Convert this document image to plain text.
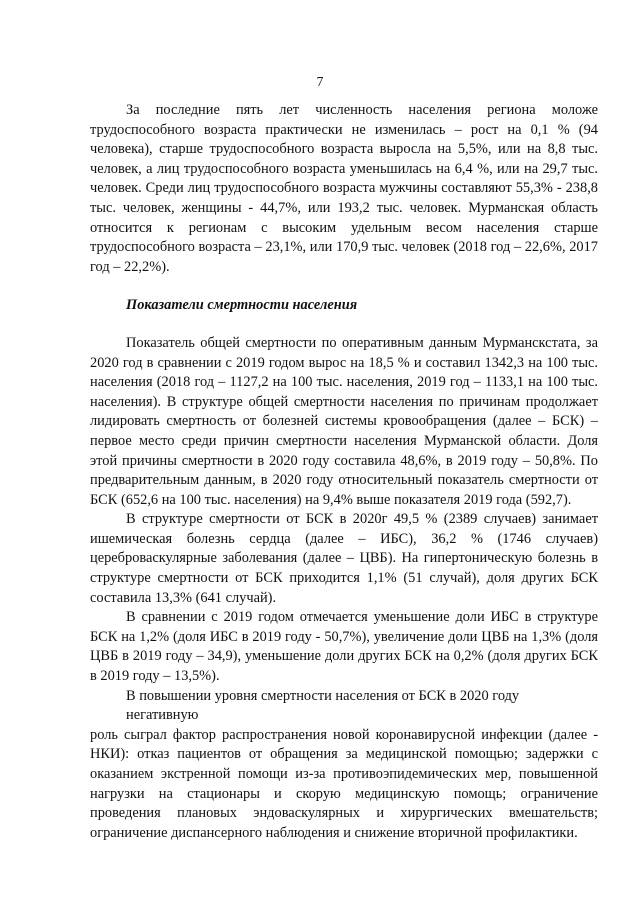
7

За последние пять лет численность населения региона моложе трудоспособного возраста практически не изменилась – рост на 0,1 % (94 человека), старше трудоспособного возраста выросла на 5,5%, или на 8,8 тыс. человек, а лиц трудоспособного возраста уменьшилась на 6,4 %, или на 29,7 тыс. человек. Среди лиц трудоспособного возраста мужчины составляют 55,3% - 238,8 тыс. человек, женщины - 44,7%, или 193,2 тыс. человек. Мурманская область относится к регионам с высоким удельным весом населения старше трудоспособного возраста – 23,1%, или 170,9 тыс. человек (2018 год – 22,6%, 2017 год – 22,2%).

Показатели смертности населения

Показатель общей смертности по оперативным данным Мурманскстата, за 2020 год в сравнении с 2019 годом вырос на 18,5 % и составил 1342,3 на 100 тыс. населения (2018 год – 1127,2 на 100 тыс. населения, 2019 год – 1133,1 на 100 тыс. населения). В структуре общей смертности населения по причинам продолжает лидировать смертность от болезней системы кровообращения (далее – БСК) – первое место среди причин смертности населения Мурманской области. Доля этой причины смертности в 2020 году составила 48,6%, в 2019 году – 50,8%. По предварительным данным, в 2020 году относительный показатель смертности от БСК (652,6 на 100 тыс. населения) на 9,4% выше показателя 2019 года (592,7).

В структуре смертности от БСК в 2020г 49,5 % (2389 случаев) занимает ишемическая болезнь сердца (далее – ИБС), 36,2 % (1746 случаев) цереброваскулярные заболевания (далее – ЦВБ). На гипертоническую болезнь в структуре смертности от БСК приходится 1,1% (51 случай), доля других БСК составила 13,3% (641 случай).

В сравнении с 2019 годом отмечается уменьшение доли ИБС в структуре БСК на 1,2% (доля ИБС в 2019 году - 50,7%), увеличение доли ЦВБ на 1,3% (доля ЦВБ в 2019 году – 34,9), уменьшение доли других БСК на 0,2% (доля других БСК в 2019 году – 13,5%).

В повышении уровня смертности населения от БСК в 2020 году

негативную

роль сыграл фактор распространения новой коронавирусной инфекции (далее - НКИ): отказ пациентов от обращения за медицинской помощью; задержки с оказанием экстренной помощи из-за противоэпидемических мер, повышенной нагрузки на стационары и скорую медицинскую помощь; ограничение проведения плановых эндоваскулярных и хирургических вмешательств; ограничение диспансерного наблюдения и снижение вторичной профилактики.
